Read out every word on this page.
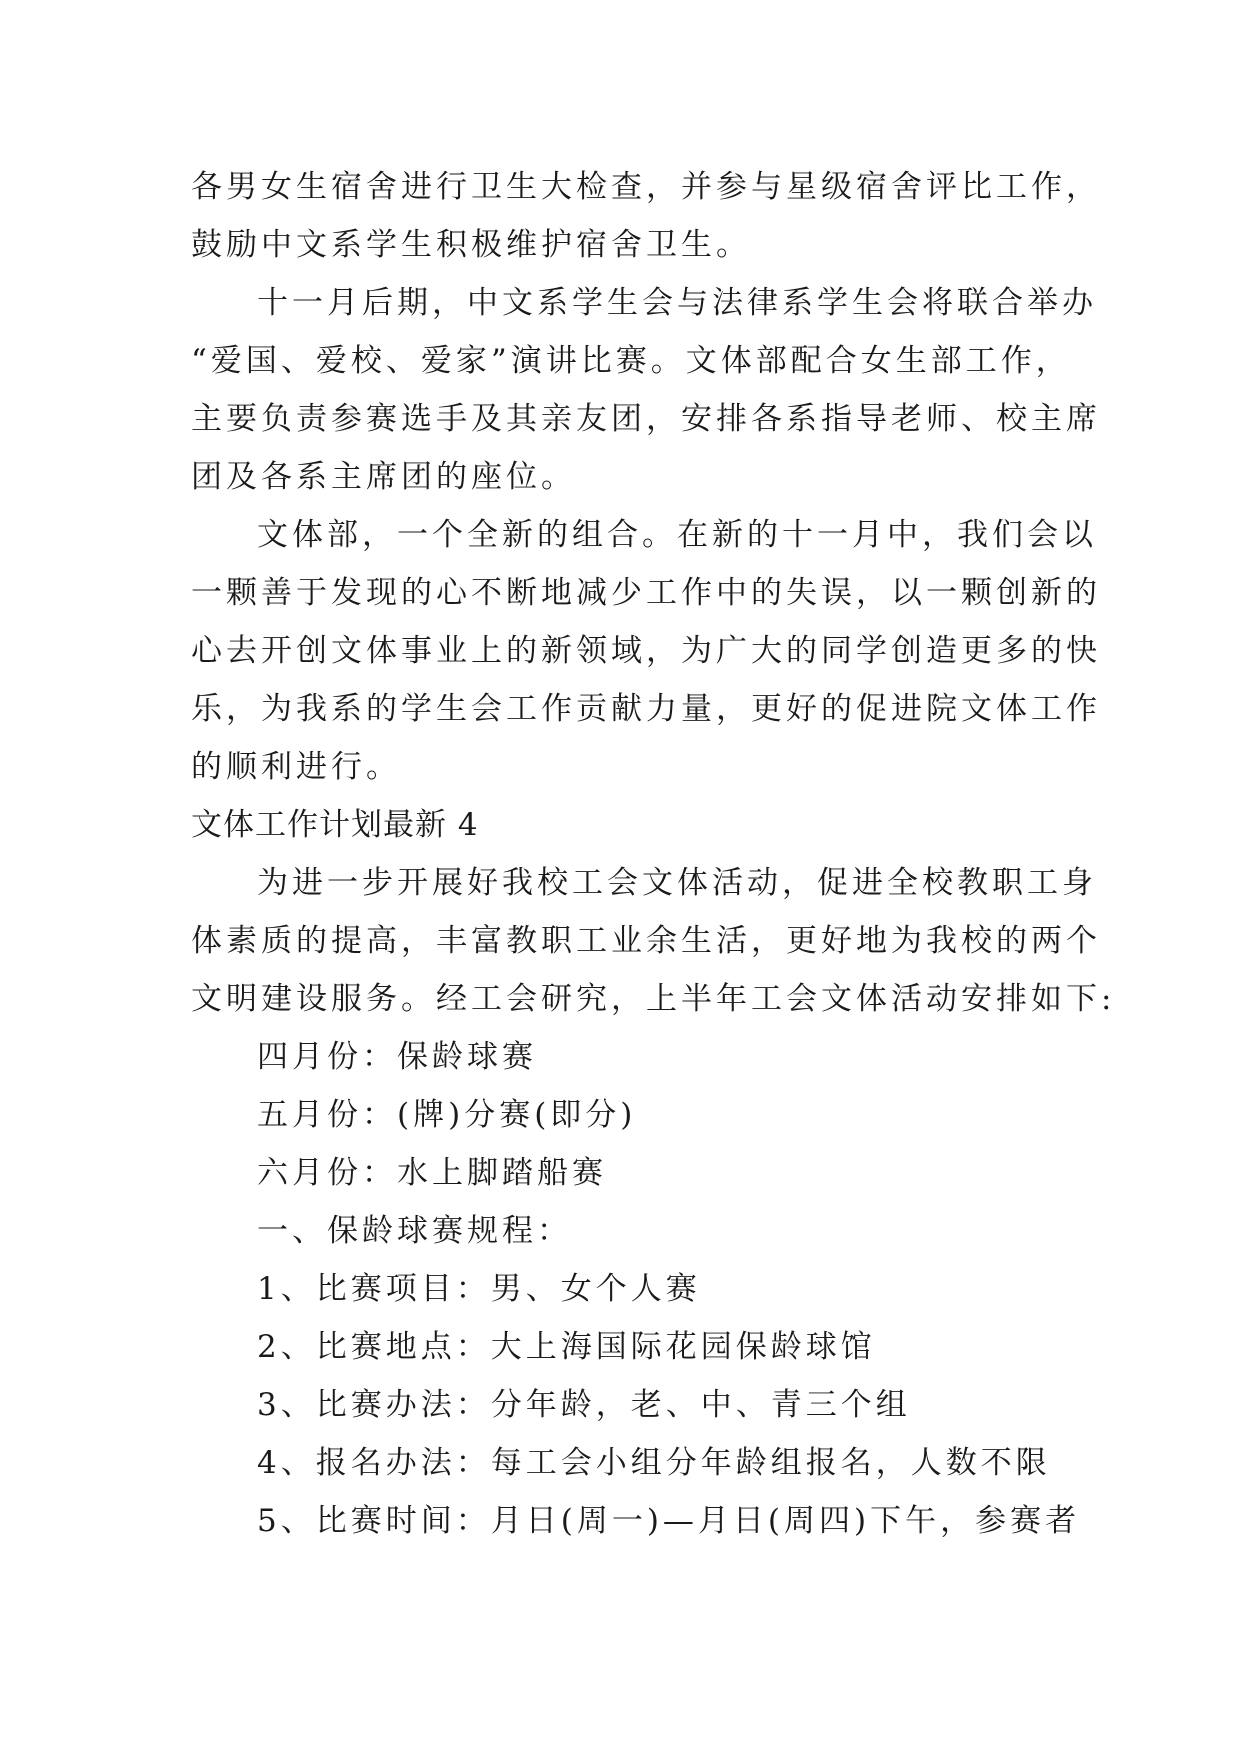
各男女生宿舍进行卫生大检查，并参与星级宿舍评比工作，
鼓励中文系学生积极维护宿舍卫生。
十一月后期，中文系学生会与法律系学生会将联合举办
“爱国、爱校、爱家”演讲比赛。文体部配合女生部工作，
主要负责参赛选手及其亲友团，安排各系指导老师、校主席
团及各系主席团的座位。
文体部，一个全新的组合。在新的十一月中，我们会以
一颗善于发现的心不断地减少工作中的失误，以一颗创新的
心去开创文体事业上的新领域，为广大的同学创造更多的快
乐，为我系的学生会工作贡献力量，更好的促进院文体工作
的顺利进行。
文体工作计划最新 4
为进一步开展好我校工会文体活动，促进全校教职工身
体素质的提高，丰富教职工业余生活，更好地为我校的两个
文明建设服务。经工会研究，上半年工会文体活动安排如下:
四月份：保龄球赛
五月份：(牌)分赛(即分)
六月份：水上脚踏船赛
一、保龄球赛规程：
1、比赛项目：男、女个人赛
2、比赛地点：大上海国际花园保龄球馆
3、比赛办法：分年龄，老、中、青三个组
4、报名办法：每工会小组分年龄组报名，人数不限
5、比赛时间：月日(周一)—月日(周四)下午，参赛者
